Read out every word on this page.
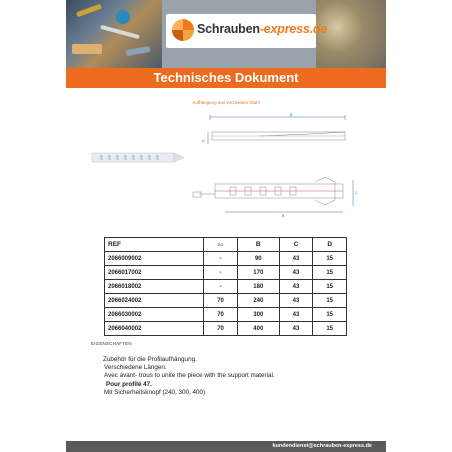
Schrauben-express.de
Technisches Dokument
Aufhängung aus verzinktem Stahl
B
D
B
C
REF	ZG	B	C	D
2066009002	-	90	43	15
2066017002	-	170	43	15
2066018002	-	180	43	15
2066024002	70	240	43	15
2066030002	70	300	43	15
2066040002	70	400	43	15
EIGENSCHAFTEN
Zubehör für die Profilaufhängung.
Verschiedene Längen.
Avec avant- trous to unite the piece with the support material.
Pour profilé 47.
Mit Sicherheitsknopf (240, 300, 400)
kundendienst@schrauben-express.de
